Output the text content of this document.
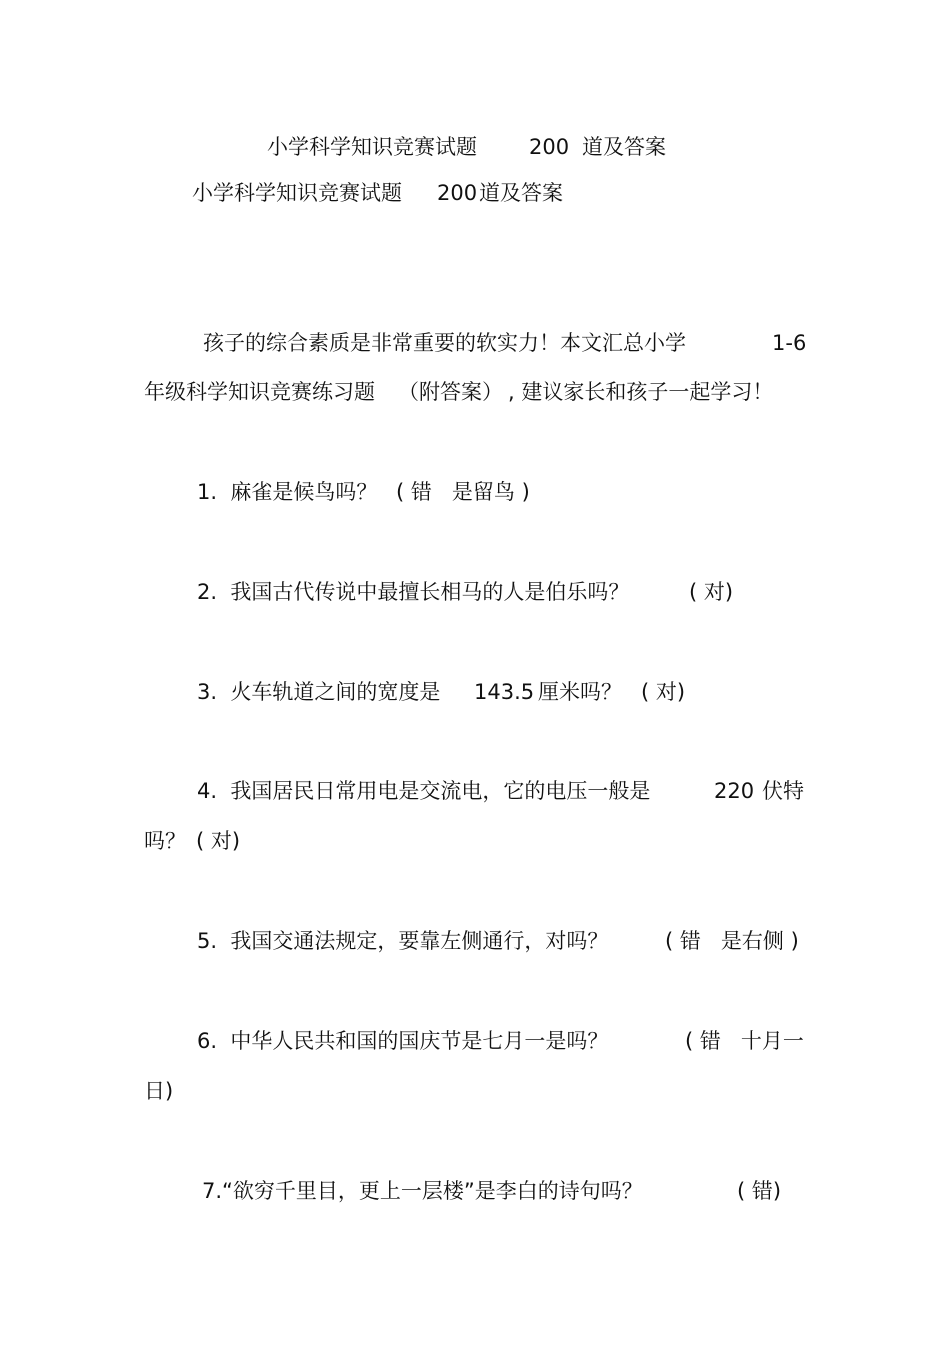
小学科学知识竞赛试题

200

道及答案

小学科学知识竞赛试题

200

道及答案

孩子的综合素质是非常重要的软实力！本文汇总小学

	1-6

年级科学知识竞赛练习题

（附答案）

, 建议家长和孩子一起学习！

1.  麻雀是候鸟吗？

( 错   是留鸟 )

2.  我国古代传说中最擅长相马的人是伯乐吗？

	( 对)

3.  火车轨道之间的宽度是

143.5

厘米吗？

( 对)

4.  我国居民日常用电是交流电，它的电压一般是

	220

伏特

吗？

( 对)

5.  我国交通法规定，要靠左侧通行，对吗？

	( 错   是右侧 )

6.  中华人民共和国的国庆节是七月一是吗？

	( 错   十月一

日)

7.“欲穷千里目，更上一层楼”是李白的诗句吗？

	( 错)
